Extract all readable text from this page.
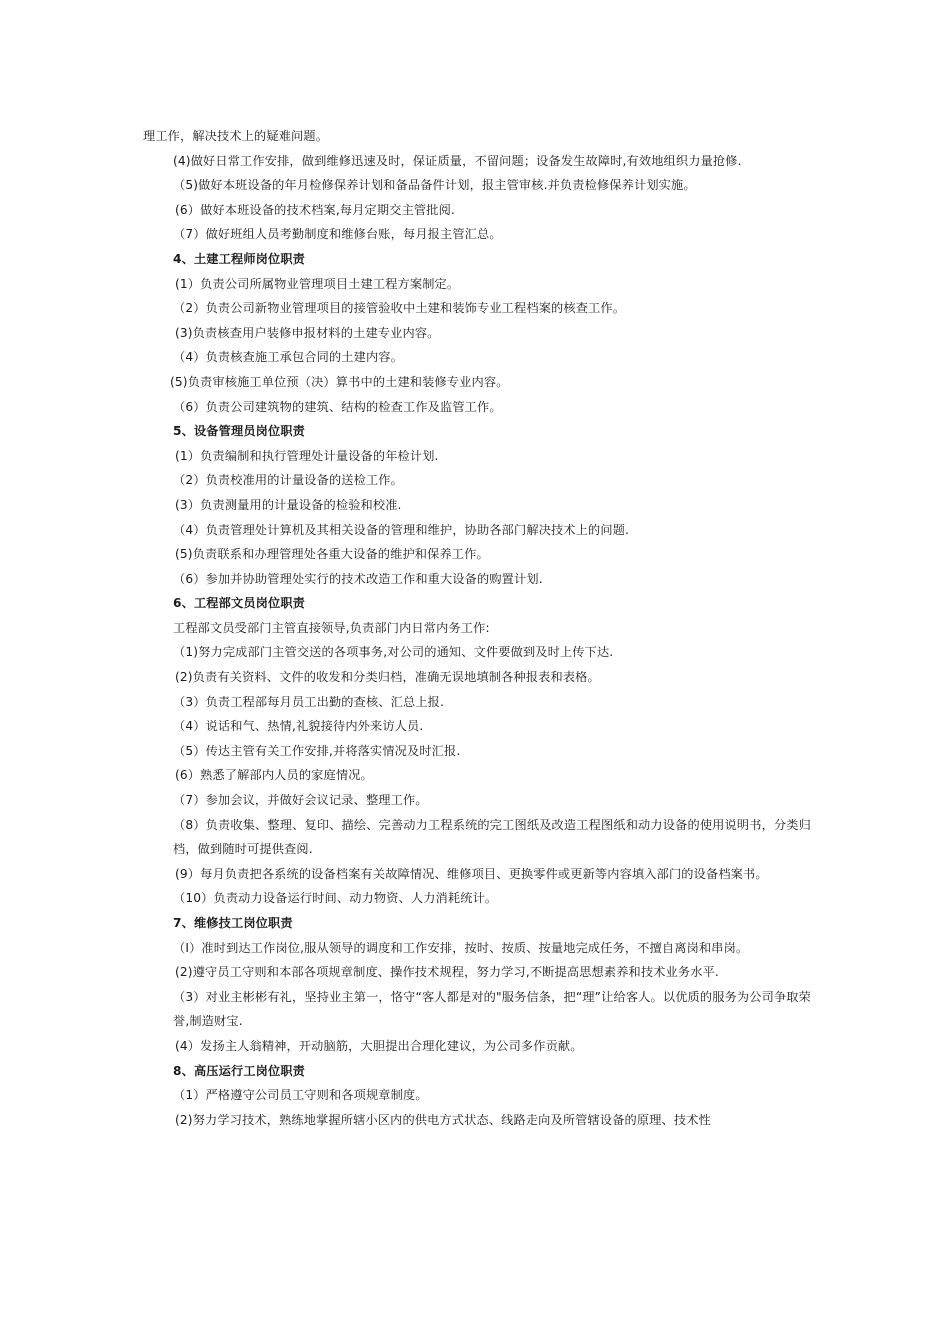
理工作，解决技术上的疑难问题。
(4)做好日常工作安排，做到维修迅速及时，保证质量，不留问题；设备发生故障时,有效地组织力量抢修.
（5)做好本班设备的年月检修保养计划和备品备件计划，报主管审核.并负责检修保养计划实施。
(6）做好本班设备的技术档案,每月定期交主管批阅.
（7）做好班组人员考勤制度和维修台账，每月报主管汇总。
4、土建工程师岗位职责
(1）负责公司所属物业管理项目土建工程方案制定。
（2）负责公司新物业管理项目的接管验收中土建和装饰专业工程档案的核查工作。
(3)负责核查用户装修申报材料的土建专业内容。
（4）负责核查施工承包合同的土建内容。
(5)负责审核施工单位预（决）算书中的土建和装修专业内容。
（6）负责公司建筑物的建筑、结构的检查工作及监管工作。
5、设备管理员岗位职责
(1）负责编制和执行管理处计量设备的年检计划.
（2）负责校准用的计量设备的送检工作。
(3）负责测量用的计量设备的检验和校准.
（4）负责管理处计算机及其相关设备的管理和维护，协助各部门解决技术上的问题.
(5)负责联系和办理管理处各重大设备的维护和保养工作。
（6）参加并协助管理处实行的技术改造工作和重大设备的购置计划.
6、工程部文员岗位职责
工程部文员受部门主管直接领导,负责部门内日常内务工作:
（1)努力完成部门主管交送的各项事务,对公司的通知、文件要做到及时上传下达.
(2)负责有关资料、文件的收发和分类归档，准确无误地填制各种报表和表格。
（3）负责工程部每月员工出勤的查核、汇总上报.
（4）说话和气、热情,礼貌接待内外来访人员.
（5）传达主管有关工作安排,并将落实情况及时汇报.
(6）熟悉了解部内人员的家庭情况。
（7）参加会议，并做好会议记录、整理工作。
（8）负责收集、整理、复印、描绘、完善动力工程系统的完工图纸及改造工程图纸和动力设备的使用说明书，分类归档，做到随时可提供查阅.
(9）每月负责把各系统的设备档案有关故障情况、维修项目、更换零件或更新等内容填入部门的设备档案书。
（10）负责动力设备运行时间、动力物资、人力消耗统计。
7、维修技工岗位职责
（I）准时到达工作岗位,服从领导的调度和工作安排，按时、按质、按量地完成任务，不擅自离岗和串岗。
(2)遵守员工守则和本部各项规章制度、操作技术规程，努力学习,不断提高思想素养和技术业务水平.
（3）对业主彬彬有礼，坚持业主第一，恪守“客人都是对的"服务信条，把“理”让给客人。以优质的服务为公司争取荣誉,制造财宝.
(4）发扬主人翁精神，开动脑筋，大胆提出合理化建议，为公司多作贡献。
8、高压运行工岗位职责
（1）严格遵守公司员工守则和各项规章制度。
(2)努力学习技术，熟练地掌握所辖小区内的供电方式状态、线路走向及所管辖设备的原理、技术性
